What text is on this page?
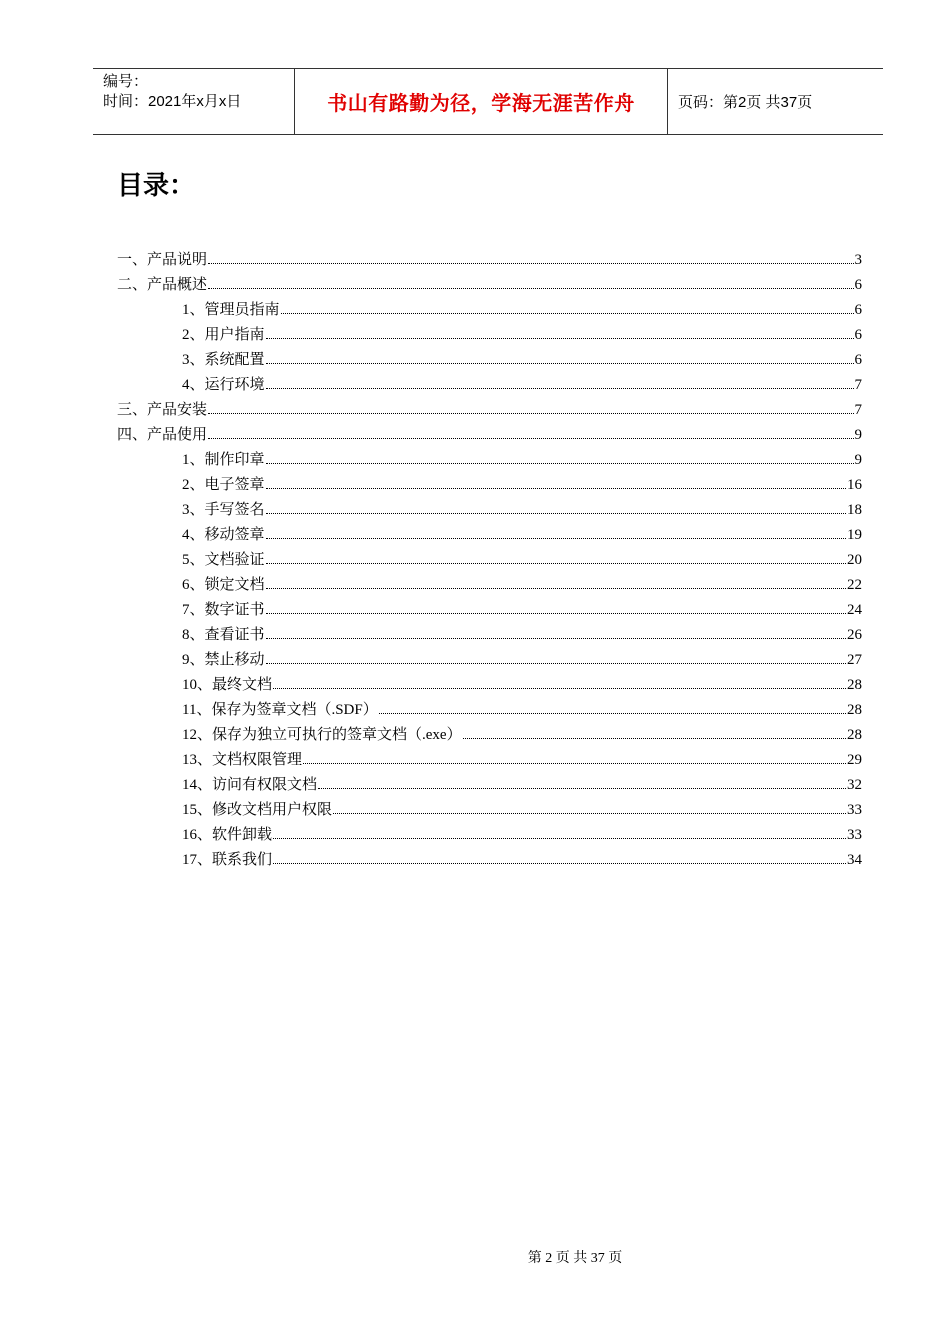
编号：
时间：2021年x月x日	书山有路勤为径，学海无涯苦作舟	页码：第2页 共37页
目录：
一、产品说明	3
二、产品概述	6
1、管理员指南	6
2、用户指南	6
3、系统配置	6
4、运行环境	7
三、产品安装	7
四、产品使用	9
1、制作印章	9
2、电子签章	16
3、手写签名	18
4、移动签章	19
5、文档验证	20
6、锁定文档	22
7、数字证书	24
8、查看证书	26
9、禁止移动	27
10、最终文档	28
11、保存为签章文档（.SDF）	28
12、保存为独立可执行的签章文档（.exe）	28
13、文档权限管理	29
14、访问有权限文档	32
15、修改文档用户权限	33
16、软件卸载	33
17、联系我们	34
第 2 页 共 37 页
